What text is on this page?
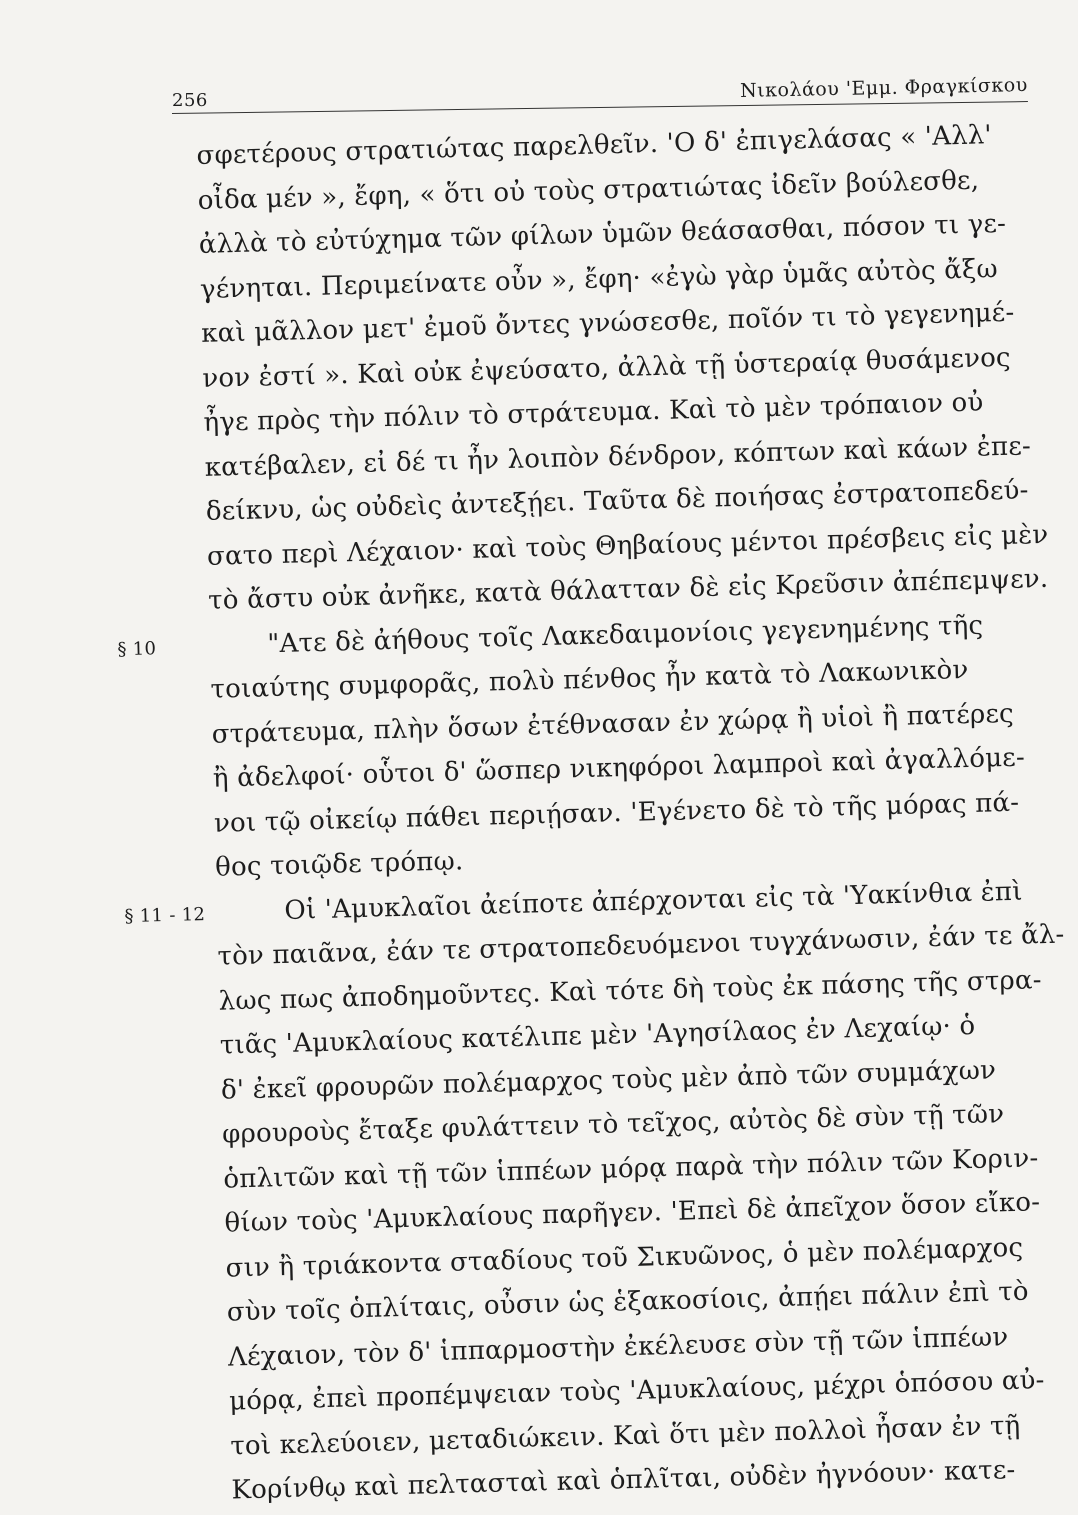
256	Νικολάου 'Εμμ. Φραγκίσκου
σφετέρους στρατιώτας παρελθεῖν. 'Ο δ' ἐπιγελάσας « 'Αλλ'
οἶδα μέν », ἔφη, « ὅτι οὐ τοὺς στρατιώτας ἰδεῖν βούλεσθε,
ἀλλὰ τὸ εὐτύχημα τῶν φίλων ὑμῶν θεάσασθαι, πόσον τι γε-
γένηται. Περιμείνατε οὖν », ἔφη· «ἐγὼ γὰρ ὑμᾶς αὐτὸς ἄξω
καὶ μᾶλλον μετ' ἐμοῦ ὄντες γνώσεσθε, ποῖόν τι τὸ γεγενημέ-
νον ἐστί ». Καὶ οὐκ ἐψεύσατο, ἀλλὰ τῇ ὑστεραίᾳ θυσάμενος
ἦγε πρὸς τὴν πόλιν τὸ στράτευμα. Καὶ τὸ μὲν τρόπαιον οὐ
κατέβαλεν, εἰ δέ τι ἦν λοιπὸν δένδρον, κόπτων καὶ κάων ἐπε-
δείκνυ, ὡς οὐδεὶς ἀντεξῄει. Ταῦτα δὲ ποιήσας ἐστρατοπεδεύ-
σατο περὶ Λέχαιον· καὶ τοὺς Θηβαίους μέντοι πρέσβεις εἰς μὲν
τὸ ἄστυ οὐκ ἀνῆκε, κατὰ θάλατταν δὲ εἰς Κρεῦσιν ἀπέπεμψεν.
§ 10	"Ατε δὲ ἀήθους τοῖς Λακεδαιμονίοις γεγενημένης τῆς
τοιαύτης συμφορᾶς, πολὺ πένθος ἦν κατὰ τὸ Λακωνικὸν
στράτευμα, πλὴν ὅσων ἐτέθνασαν ἐν χώρᾳ ἢ υἱοὶ ἢ πατέρες
ἢ ἀδελφοί· οὗτοι δ' ὥσπερ νικηφόροι λαμπροὶ καὶ ἀγαλλόμε-
νοι τῷ οἰκείῳ πάθει περιῄσαν. 'Εγένετο δὲ τὸ τῆς μόρας πά-
θος τοιῷδε τρόπῳ.
§ 11 - 12	Οἱ 'Αμυκλαῖοι ἀείποτε ἀπέρχονται εἰς τὰ 'Υακίνθια ἐπὶ
τὸν παιᾶνα, ἐάν τε στρατοπεδευόμενοι τυγχάνωσιν, ἐάν τε ἄλ-
λως πως ἀποδημοῦντες. Καὶ τότε δὴ τοὺς ἐκ πάσης τῆς στρα-
τιᾶς 'Αμυκλαίους κατέλιπε μὲν 'Αγησίλαος ἐν Λεχαίῳ· ὁ
δ' ἐκεῖ φρουρῶν πολέμαρχος τοὺς μὲν ἀπὸ τῶν συμμάχων
φρουροὺς ἔταξε φυλάττειν τὸ τεῖχος, αὐτὸς δὲ σὺν τῇ τῶν
ὁπλιτῶν καὶ τῇ τῶν ἱππέων μόρᾳ παρὰ τὴν πόλιν τῶν Κοριν-
θίων τοὺς 'Αμυκλαίους παρῆγεν. 'Επεὶ δὲ ἀπεῖχον ὅσον εἴκο-
σιν ἢ τριάκοντα σταδίους τοῦ Σικυῶνος, ὁ μὲν πολέμαρχος
σὺν τοῖς ὁπλίταις, οὖσιν ὡς ἑξακοσίοις, ἀπῄει πάλιν ἐπὶ τὸ
Λέχαιον, τὸν δ' ἱππαρμοστὴν ἐκέλευσε σὺν τῇ τῶν ἱππέων
μόρᾳ, ἐπεὶ προπέμψειαν τοὺς 'Αμυκλαίους, μέχρι ὁπόσου αὐ-
τοὶ κελεύοιεν, μεταδιώκειν. Καὶ ὅτι μὲν πολλοὶ ἦσαν ἐν τῇ
Κορίνθῳ καὶ πελτασταὶ καὶ ὁπλῖται, οὐδὲν ἠγνόουν· κατε-
